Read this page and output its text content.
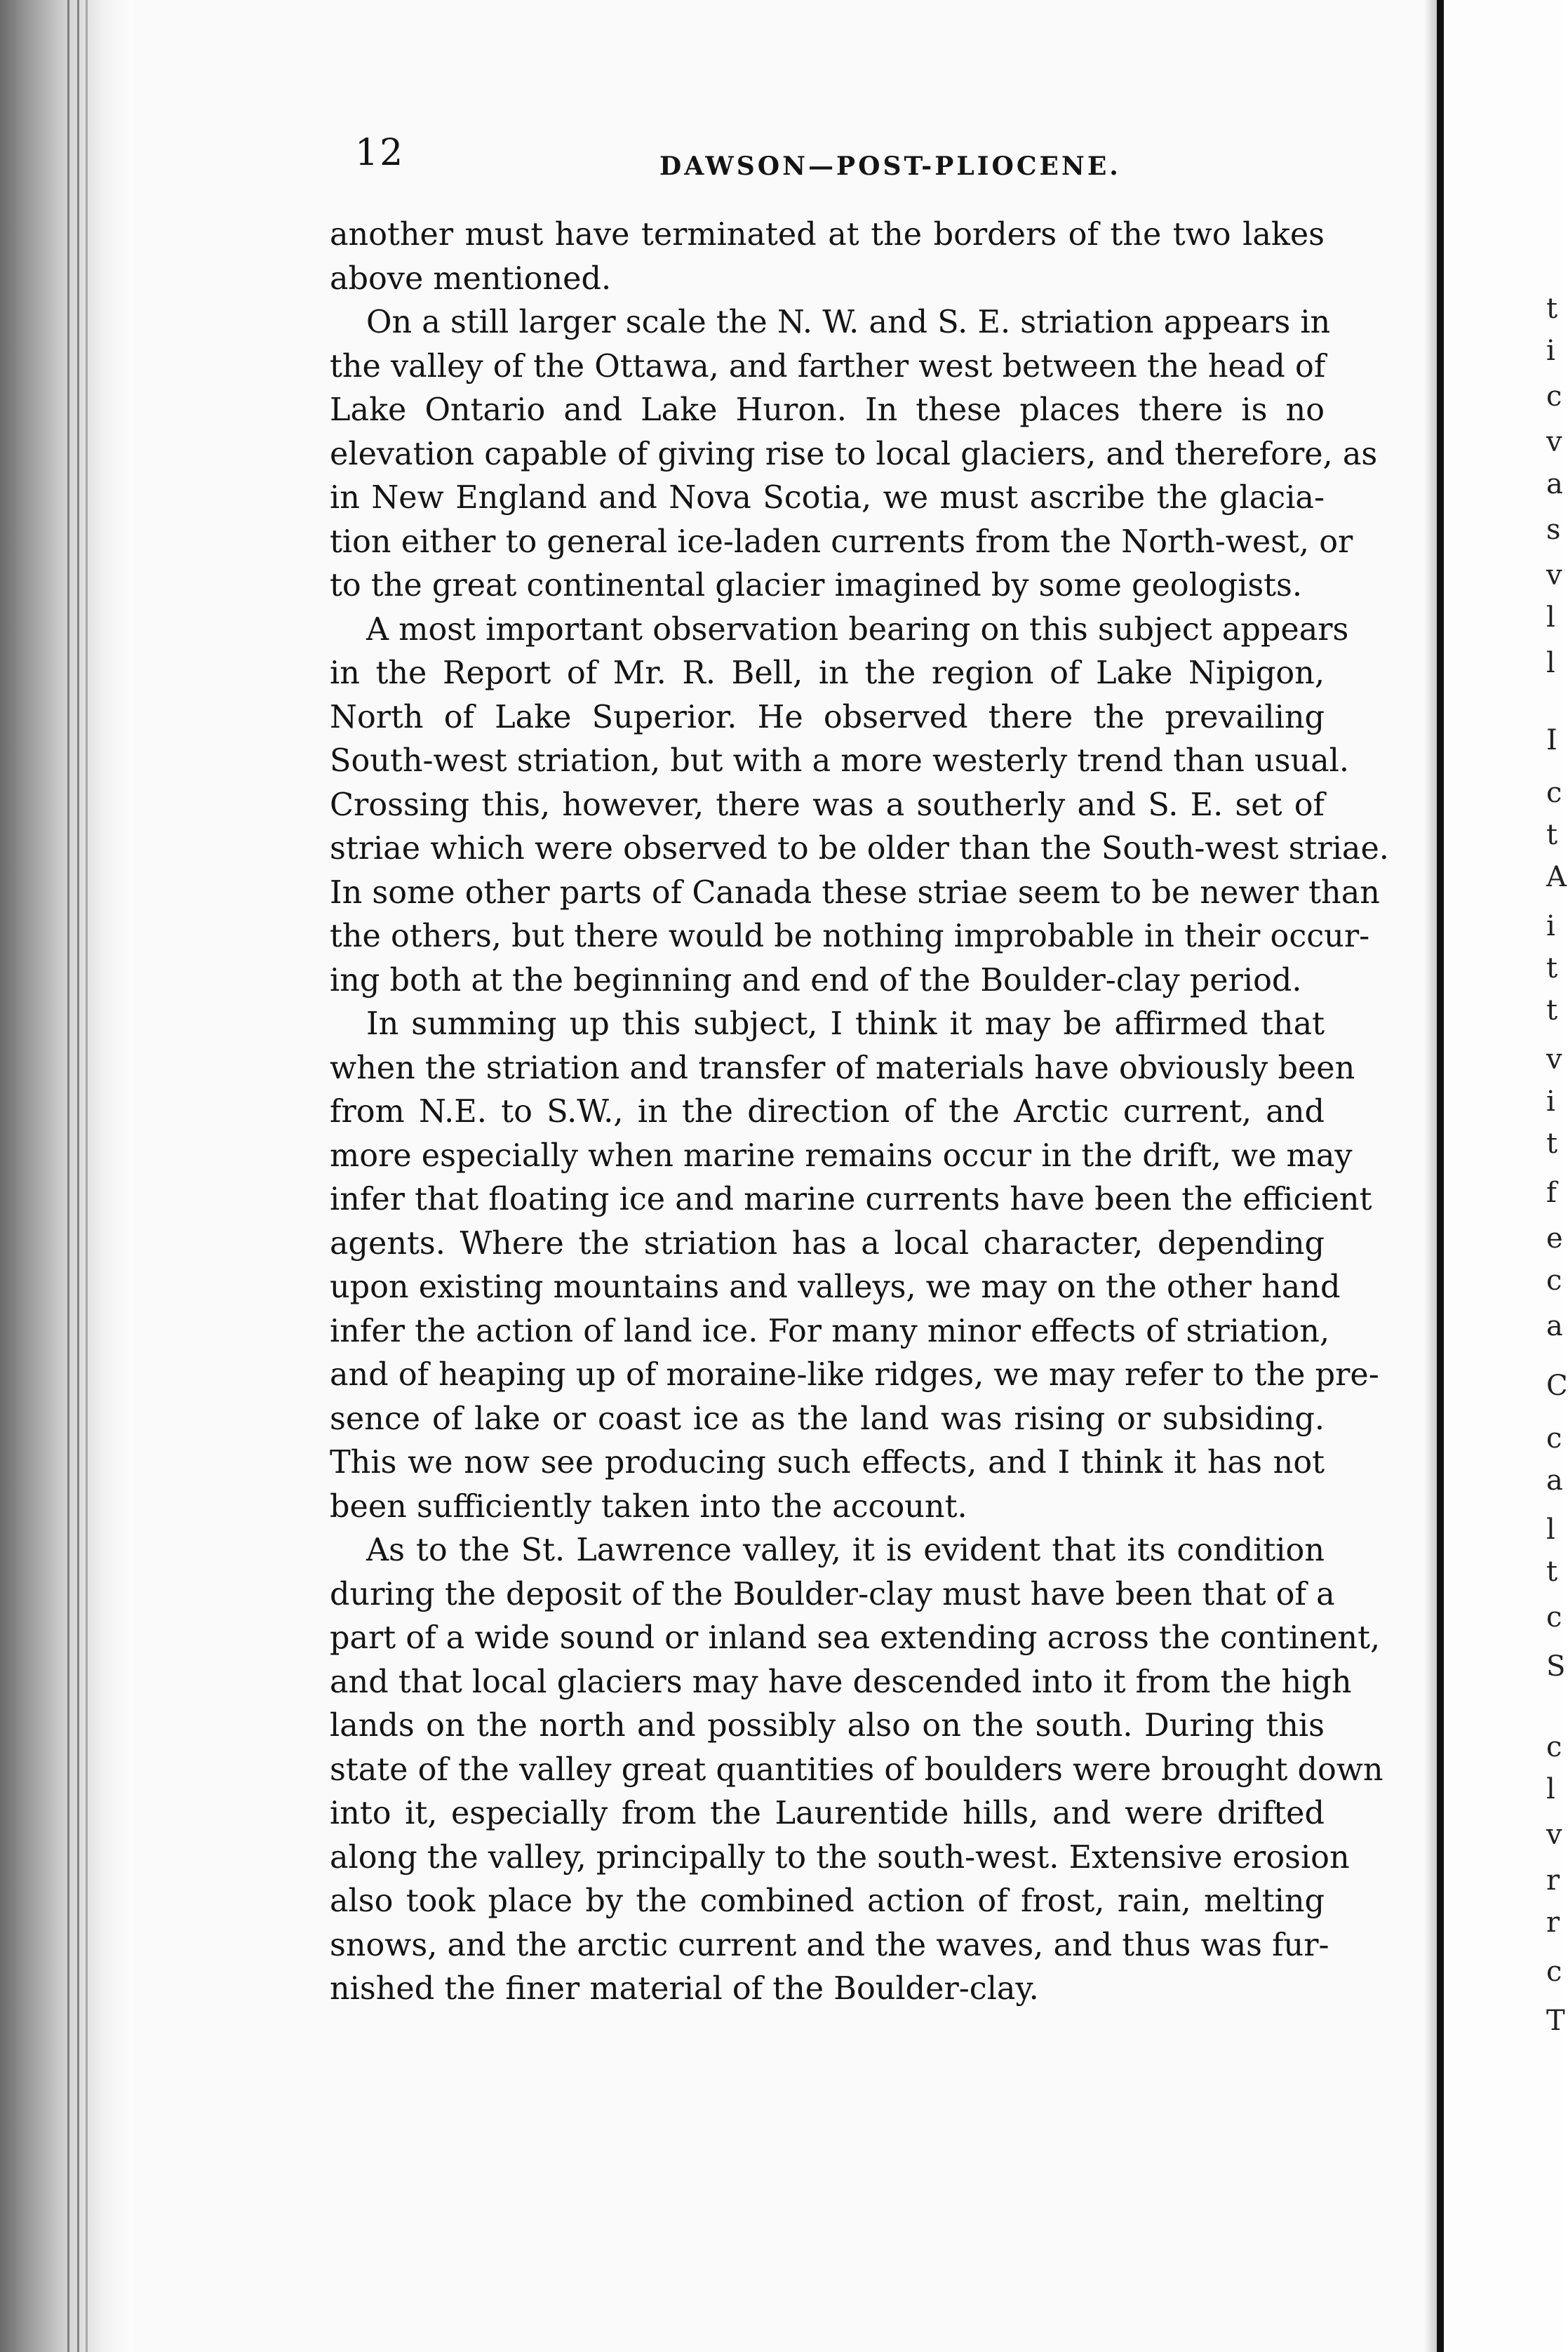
t
i
c
v
a
s
v
l
l
I
c
t
A
i
t
t
v
i
t
f
e
c
a
C
c
a
l
t
c
S
c
l
v
r
r
c
T
12	DAWSON—POST-PLIOCENE.

another must have terminated at the borders of the two lakes
above mentioned.

On a still larger scale the N. W. and S. E. striation appears in
the valley of the Ottawa, and farther west between the head of
Lake Ontario and Lake Huron. In these places there is no
elevation capable of giving rise to local glaciers, and therefore, as
in New England and Nova Scotia, we must ascribe the glacia-
tion either to general ice-laden currents from the North-west, or
to the great continental glacier imagined by some geologists.

A most important observation bearing on this subject appears
in the Report of Mr. R. Bell, in the region of Lake Nipigon,
North of Lake Superior. He observed there the prevailing
South-west striation, but with a more westerly trend than usual.
Crossing this, however, there was a southerly and S. E. set of
striae which were observed to be older than the South-west striae.
In some other parts of Canada these striae seem to be newer than
the others, but there would be nothing improbable in their occur-
ing both at the beginning and end of the Boulder-clay period.

In summing up this subject, I think it may be affirmed that
when the striation and transfer of materials have obviously been
from N.E. to S.W., in the direction of the Arctic current, and
more especially when marine remains occur in the drift, we may
infer that floating ice and marine currents have been the efficient
agents. Where the striation has a local character, depending
upon existing mountains and valleys, we may on the other hand
infer the action of land ice. For many minor effects of striation,
and of heaping up of moraine-like ridges, we may refer to the pre-
sence of lake or coast ice as the land was rising or subsiding.
This we now see producing such effects, and I think it has not
been sufficiently taken into the account.

As to the St. Lawrence valley, it is evident that its condition
during the deposit of the Boulder-clay must have been that of a
part of a wide sound or inland sea extending across the continent,
and that local glaciers may have descended into it from the high
lands on the north and possibly also on the south. During this
state of the valley great quantities of boulders were brought down
into it, especially from the Laurentide hills, and were drifted
along the valley, principally to the south-west. Extensive erosion
also took place by the combined action of frost, rain, melting
snows, and the arctic current and the waves, and thus was fur-
nished the finer material of the Boulder-clay.
